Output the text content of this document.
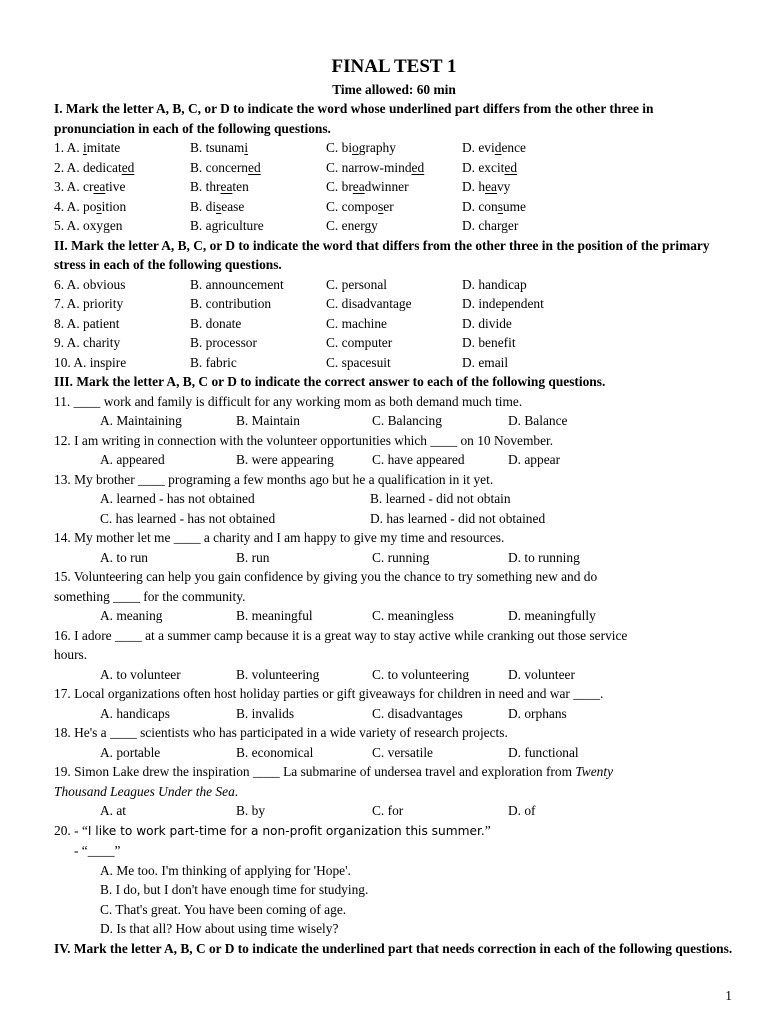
FINAL TEST 1
Time allowed: 60 min
I. Mark the letter A, B, C, or D to indicate the word whose underlined part differs from the other three in pronunciation in each of the following questions.
1. A. imitate	B. tsunami	C. biography	D. evidence
2. A. dedicated	B. concerned	C. narrow-minded	D. excited
3. A. creative	B. threaten	C. breadwinner	D. heavy
4. A. position	B. disease	C. composer	D. consume
5. A. oxygen	B. agriculture	C. energy	D. charger
II. Mark the letter A, B, C, or D to indicate the word that differs from the other three in the position of the primary stress in each of the following questions.
6. A. obvious	B. announcement	C. personal	D. handicap
7. A. priority	B. contribution	C. disadvantage	D. independent
8. A. patient	B. donate	C. machine	D. divide
9. A. charity	B. processor	C. computer	D. benefit
10. A. inspire	B. fabric	C. spacesuit	D. email
III. Mark the letter A, B, C or D to indicate the correct answer to each of the following questions.
11. ____ work and family is difficult for any working mom as both demand much time.
A. Maintaining	B. Maintain	C. Balancing	D. Balance
12. I am writing in connection with the volunteer opportunities which ____ on 10 November.
A. appeared	B. were appearing	C. have appeared	D. appear
13. My brother ____ programing a few months ago but he a qualification in it yet.
A. learned - has not obtained	B. learned - did not obtain
C. has learned - has not obtained	D. has learned - did not obtained
14. My mother let me ____ a charity and I am happy to give my time and resources.
A. to run	B. run	C. running	D. to running
15. Volunteering can help you gain confidence by giving you the chance to try something new and do
something ____ for the community.
A. meaning	B. meaningful	C. meaningless	D. meaningfully
16. I adore ____ at a summer camp because it is a great way to stay active while cranking out those service
hours.
A. to volunteer	B. volunteering	C. to volunteering	D. volunteer
17. Local organizations often host holiday parties or gift giveaways for children in need and war ____.
A. handicaps	B. invalids	C. disadvantages	D. orphans
18. He's a ____ scientists who has participated in a wide variety of research projects.
A. portable	B. economical	C. versatile	D. functional
19. Simon Lake drew the inspiration ____ La submarine of undersea travel and exploration from Twenty
Thousand Leagues Under the Sea.
A. at	B. by	C. for	D. of
20. - “I like to work part-time for a non-profit organization this summer.”
- “____”
A. Me too. I'm thinking of applying for 'Hope'.
B. I do, but I don't have enough time for studying.
C. That's great. You have been coming of age.
D. Is that all? How about using time wisely?
IV. Mark the letter A, B, C or D to indicate the underlined part that needs correction in each of the following questions.
1
